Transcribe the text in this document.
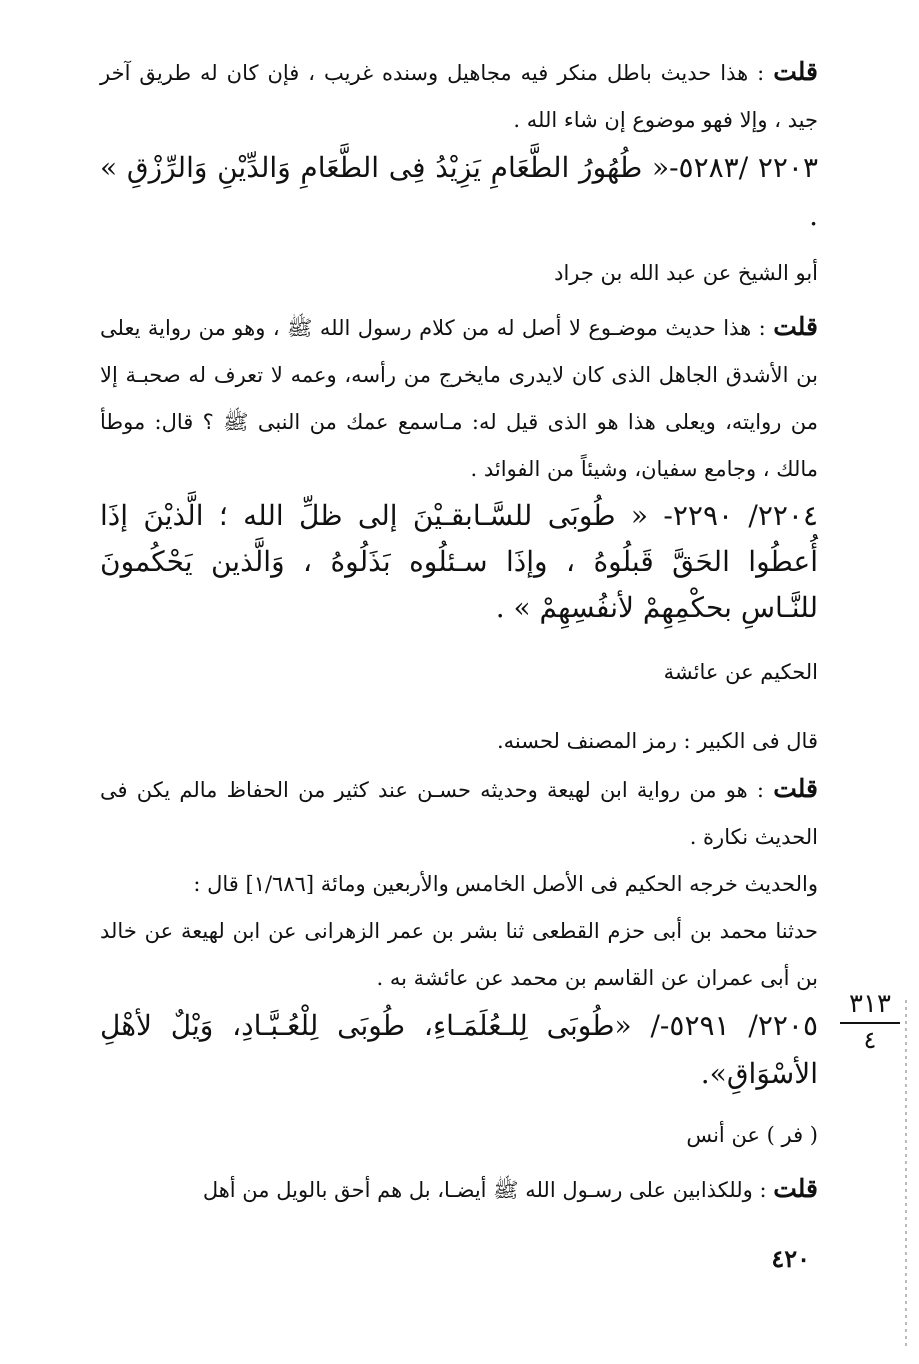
قلت : هذا حديث باطل منكر فيه مجاهيل وسنده غريب ، فإن كان له طريق آخر جيد ، وإلا فهو موضوع إن شاء الله .

٢٢٠٣ /٥٢٨٣-« طُهُورُ الطَّعَامِ يَزِيْدُ فِى الطَّعَامِ وَالدِّيْنِ وَالرِّزْقِ » .

أبو الشيخ عن عبد الله بن جراد

قلت : هذا حديث موضـوع لا أصل له من كلام رسول الله ﷺ ، وهو من رواية يعلى بن الأشدق الجاهل الذى كان لايدرى مايخرج من رأسه، وعمه لا تعرف له صحبـة إلا من روايته، ويعلى هذا هو الذى قيل له: مـاسمع عمك من النبى ﷺ ؟ قال: موطأ مالك ، وجامع سفيان، وشيئاً من الفوائد .

٢٢٠٤/ ٢٢٩٠- « طُوبَى للسَّـابقـيْنَ إلى ظلِّ الله ؛ الَّذيْنَ إذَا أُعطُوا الحَقَّ قَبلُوهُ ، وإذَا سـئلُوه بَذَلُوهُ ، وَالَّذين يَحْكُمونَ للنَّـاسِ بحكْمِهِمْ لأنفُسِهِمْ » .

الحكيم عن عائشة

قال فى الكبير : رمز المصنف لحسنه.

قلت : هو من رواية ابن لهيعة وحديثه حسـن عند كثير من الحفاظ مالم يكن فى الحديث نكارة .

والحديث خرجه الحكيم فى الأصل الخامس والأربعين ومائة [١/٦٨٦] قال :

حدثنا محمد بن أبى حزم القطعى ثنا بشر بن عمر الزهرانى عن ابن لهيعة عن خالد بن أبى عمران عن القاسم بن محمد عن عائشة به .

٢٢٠٥/ ٥٢٩١-/ «طُوبَى لِلـعُلَمَـاءِ، طُوبَى لِلْعُـبَّـادِ، وَيْلٌ لأهْلِ الأسْوَاقِ».

( فر ) عن أنس

قلت : وللكذابين على رسـول الله ﷺ أيضـا، بل هم أحق بالويل من أهل

٣١٣
٤
٤٢٠
